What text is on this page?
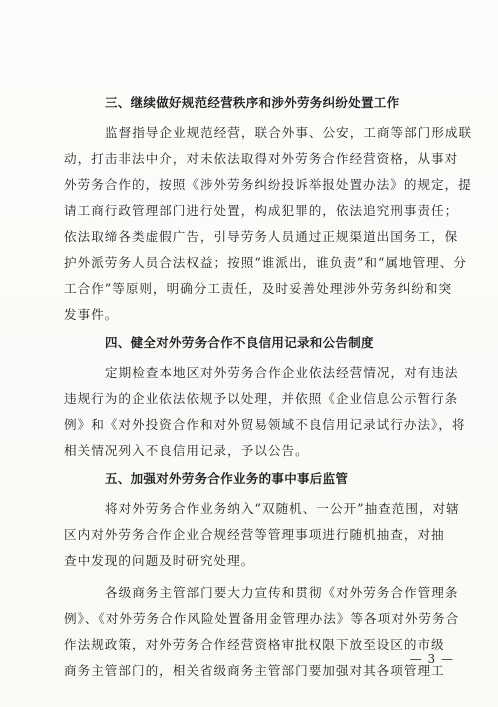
三、继续做好规范经营秩序和涉外劳务纠纷处置工作

监督指导企业规范经营，联合外事、公安，工商等部门形成联
动，打击非法中介，对未依法取得对外劳务合作经营资格，从事对
外劳务合作的，按照《涉外劳务纠纷投诉举报处置办法》的规定，提
请工商行政管理部门进行处置，构成犯罪的，依法追究刑事责任；
依法取缔各类虚假广告，引导劳务人员通过正规渠道出国务工，保
护外派劳务人员合法权益；按照“谁派出，谁负责”和“属地管理、分
工合作”等原则，明确分工责任，及时妥善处理涉外劳务纠纷和突
发事件。

四、健全对外劳务合作不良信用记录和公告制度

定期检查本地区对外劳务合作企业依法经营情况，对有违法
违规行为的企业依法依规予以处理，并依照《企业信息公示暂行条
例》和《对外投资合作和对外贸易领域不良信用记录试行办法》，将
相关情况列入不良信用记录，予以公告。

五、加强对外劳务合作业务的事中事后监管

将对外劳务合作业务纳入“双随机、一公开”抽查范围，对辖
区内对外劳务合作企业合规经营等管理事项进行随机抽查，对抽
查中发现的问题及时研究处理。

各级商务主管部门要大力宣传和贯彻《对外劳务合作管理条
例》、《对外劳务合作风险处置备用金管理办法》等各项对外劳务合
作法规政策，对外劳务合作经营资格审批权限下放至设区的市级
商务主管部门的，相关省级商务主管部门要加强对其各项管理工

— 3 —
